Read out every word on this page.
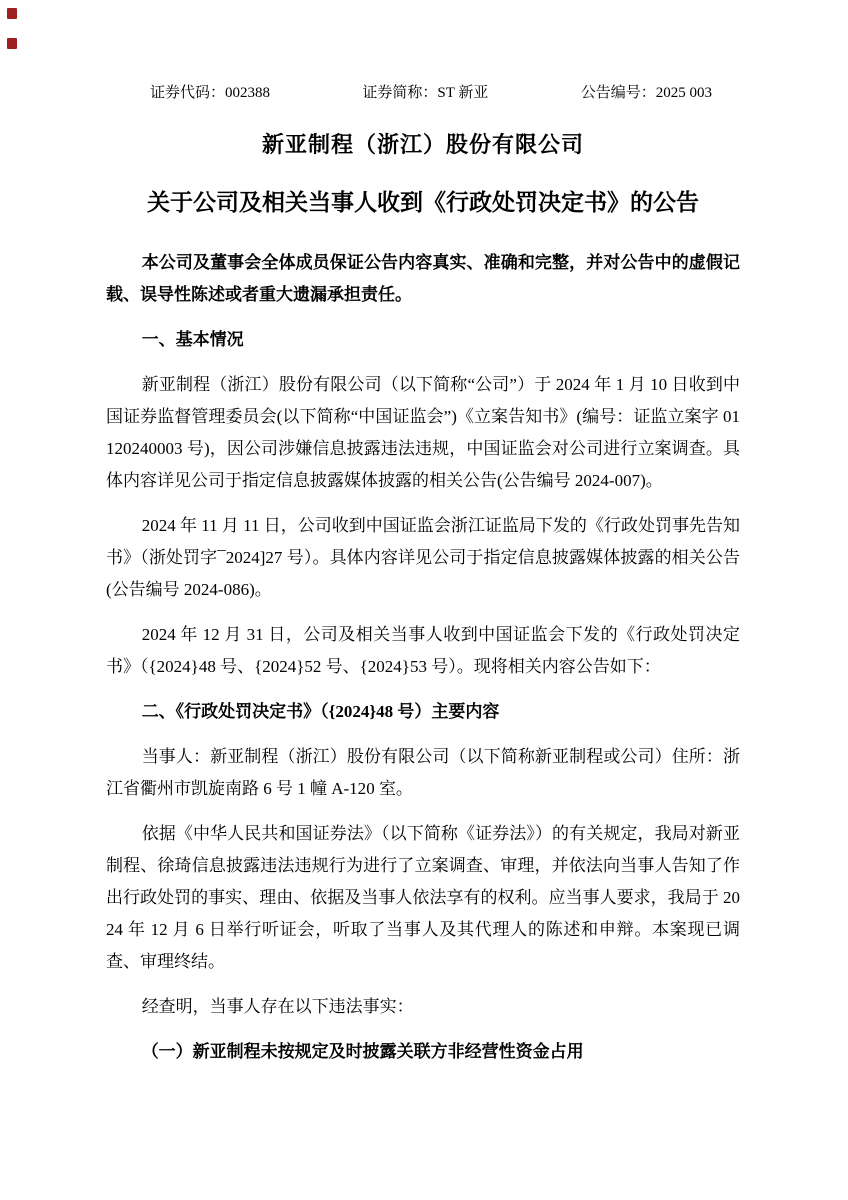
证券代码：002388	证券简称：ST 新亚	公告编号：2025 003
新亚制程（浙江）股份有限公司
关于公司及相关当事人收到《行政处罚决定书》的公告

本公司及董事会全体成员保证公告内容真实、准确和完整，并对公告中的虚假记载、误导性陈述或者重大遗漏承担责任。

一、基本情况

新亚制程（浙江）股份有限公司（以下简称“公司”）于 2024 年 1 月 10 日收到中国证券监督管理委员会(以下简称“中国证监会”)《立案告知书》(编号：证监立案字 01120240003 号)，因公司涉嫌信息披露违法违规，中国证监会对公司进行立案调查。具体内容详见公司于指定信息披露媒体披露的相关公告(公告编号 2024-007)。

2024 年 11 月 11 日，公司收到中国证监会浙江证监局下发的《行政处罚事先告知书》（浙处罚字¯2024]27 号）。具体内容详见公司于指定信息披露媒体披露的相关公告(公告编号 2024-086)。

2024 年 12 月 31 日，公司及相关当事人收到中国证监会下发的《行政处罚决定书》（{2024}48 号、{2024}52 号、{2024}53 号）。现将相关内容公告如下：

二、《行政处罚决定书》（{2024}48 号）主要内容

当事人：新亚制程（浙江）股份有限公司（以下简称新亚制程或公司）住所：浙江省衢州市凯旋南路 6 号 1 幢 A-120 室。

依据《中华人民共和国证券法》（以下简称《证券法》）的有关规定，我局对新亚制程、徐琦信息披露违法违规行为进行了立案调查、审理，并依法向当事人告知了作出行政处罚的事实、理由、依据及当事人依法享有的权利。应当事人要求，我局于 2024 年 12 月 6 日举行听证会，听取了当事人及其代理人的陈述和申辩。本案现已调查、审理终结。

经查明，当事人存在以下违法事实：

（一）新亚制程未按规定及时披露关联方非经营性资金占用
